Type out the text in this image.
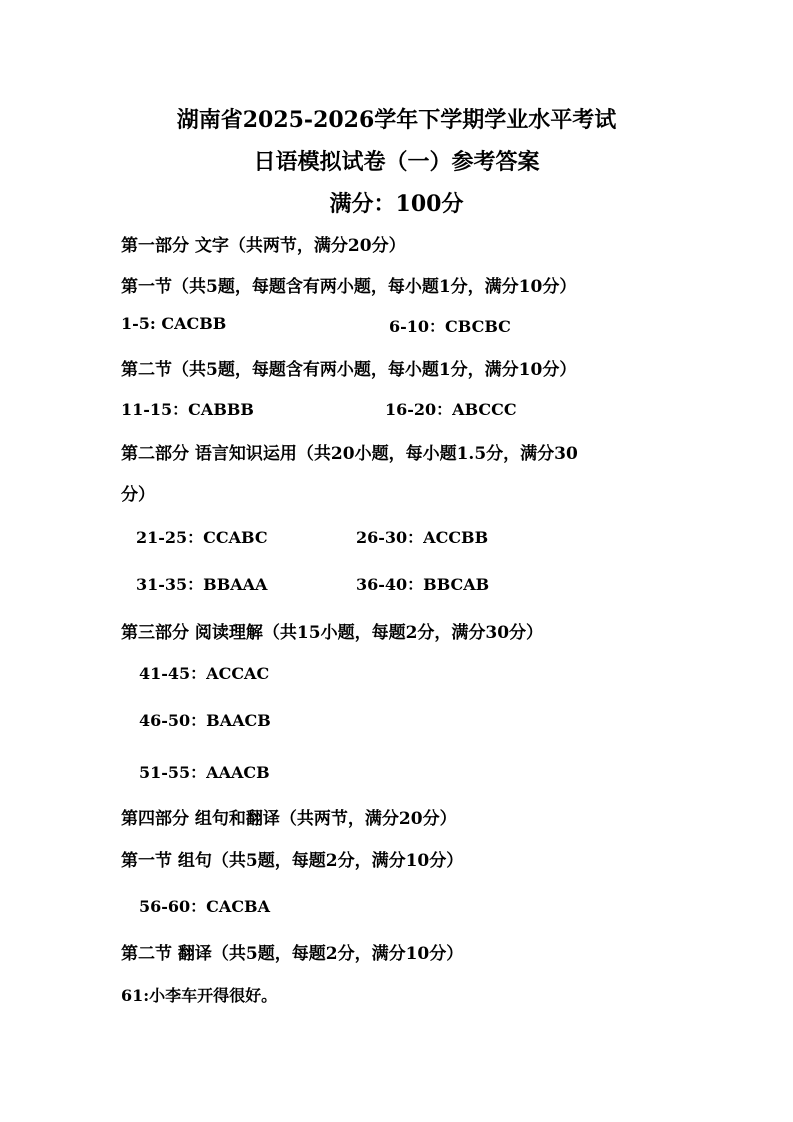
湖南省2025-2026学年下学期学业水平考试
日语模拟试卷（一）参考答案
满分：100分
第一部分 文字（共两节，满分20分）
第一节（共5题，每题含有两小题，每小题1分，满分10分）
1-5: CACBB	6-10：CBCBC
第二节（共5题，每题含有两小题，每小题1分，满分10分）
11-15：CABBB	16-20：ABCCC
第二部分 语言知识运用（共20小题，每小题1.5分，满分30
分）
21-25：CCABC	26-30：ACCBB
31-35：BBAAA	36-40：BBCAB
第三部分 阅读理解（共15小题，每题2分，满分30分）
41-45：ACCAC
46-50：BAACB
51-55：AAACB
第四部分 组句和翻译（共两节，满分20分）
第一节 组句（共5题，每题2分，满分10分）
56-60：CACBA
第二节 翻译（共5题，每题2分，满分10分）
61:小李车开得很好。
